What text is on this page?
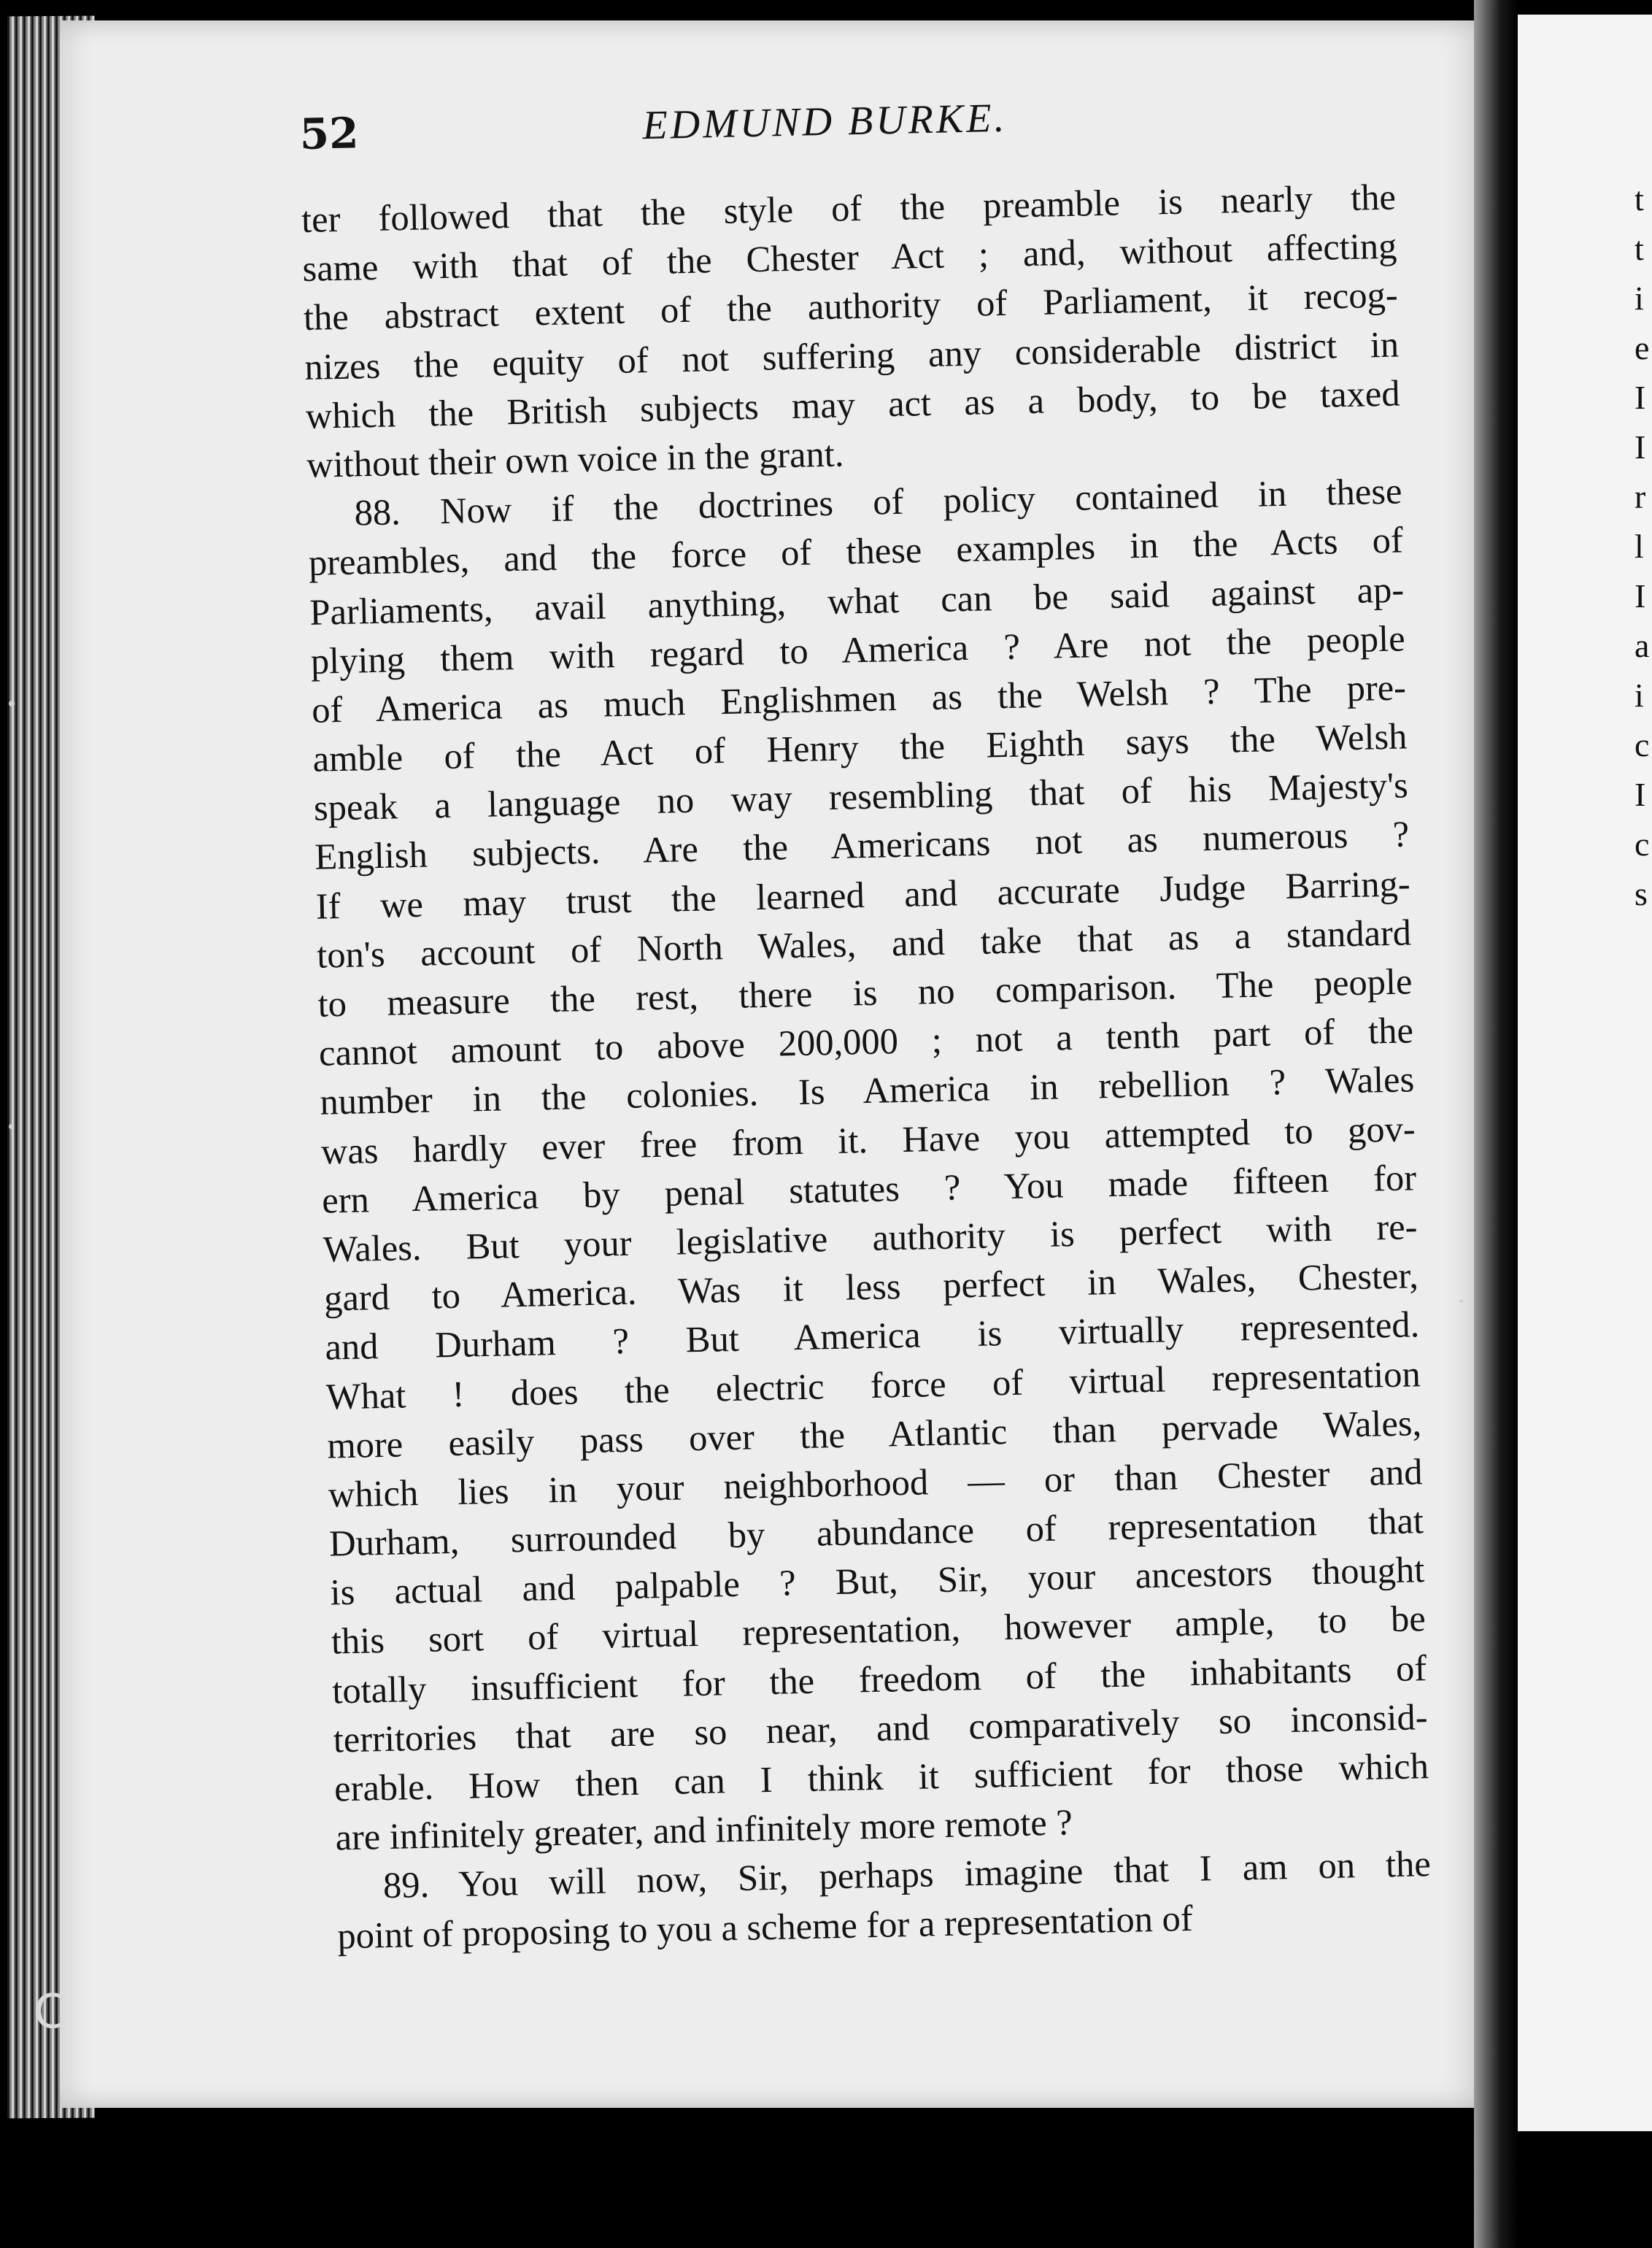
t
t
i
e
I
I
r
l
I
a
i
c
I
c
s
C
52	EDMUND BURKE.
ter followed that the style of the preamble is nearly the
same with that of the Chester Act ; and, without affecting
the abstract extent of the authority of Parliament, it recog-
nizes the equity of not suffering any considerable district in
which the British subjects may act as a body, to be taxed
without their own voice in the grant.
88. Now if the doctrines of policy contained in these
preambles, and the force of these examples in the Acts of
Parliaments, avail anything, what can be said against ap-
plying them with regard to America ? Are not the people
of America as much Englishmen as the Welsh ? The pre-
amble of the Act of Henry the Eighth says the Welsh
speak a language no way resembling that of his Majesty's
English subjects. Are the Americans not as numerous ?
If we may trust the learned and accurate Judge Barring-
ton's account of North Wales, and take that as a standard
to measure the rest, there is no comparison. The people
cannot amount to above 200,000 ; not a tenth part of the
number in the colonies. Is America in rebellion ? Wales
was hardly ever free from it. Have you attempted to gov-
ern America by penal statutes ? You made fifteen for
Wales. But your legislative authority is perfect with re-
gard to America. Was it less perfect in Wales, Chester,
and Durham ? But America is virtually represented.
What ! does the electric force of virtual representation
more easily pass over the Atlantic than pervade Wales,
which lies in your neighborhood — or than Chester and
Durham, surrounded by abundance of representation that
is actual and palpable ? But, Sir, your ancestors thought
this sort of virtual representation, however ample, to be
totally insufficient for the freedom of the inhabitants of
territories that are so near, and comparatively so inconsid-
erable. How then can I think it sufficient for those which
are infinitely greater, and infinitely more remote ?
89. You will now, Sir, perhaps imagine that I am on the
point of proposing to you a scheme for a representation of
